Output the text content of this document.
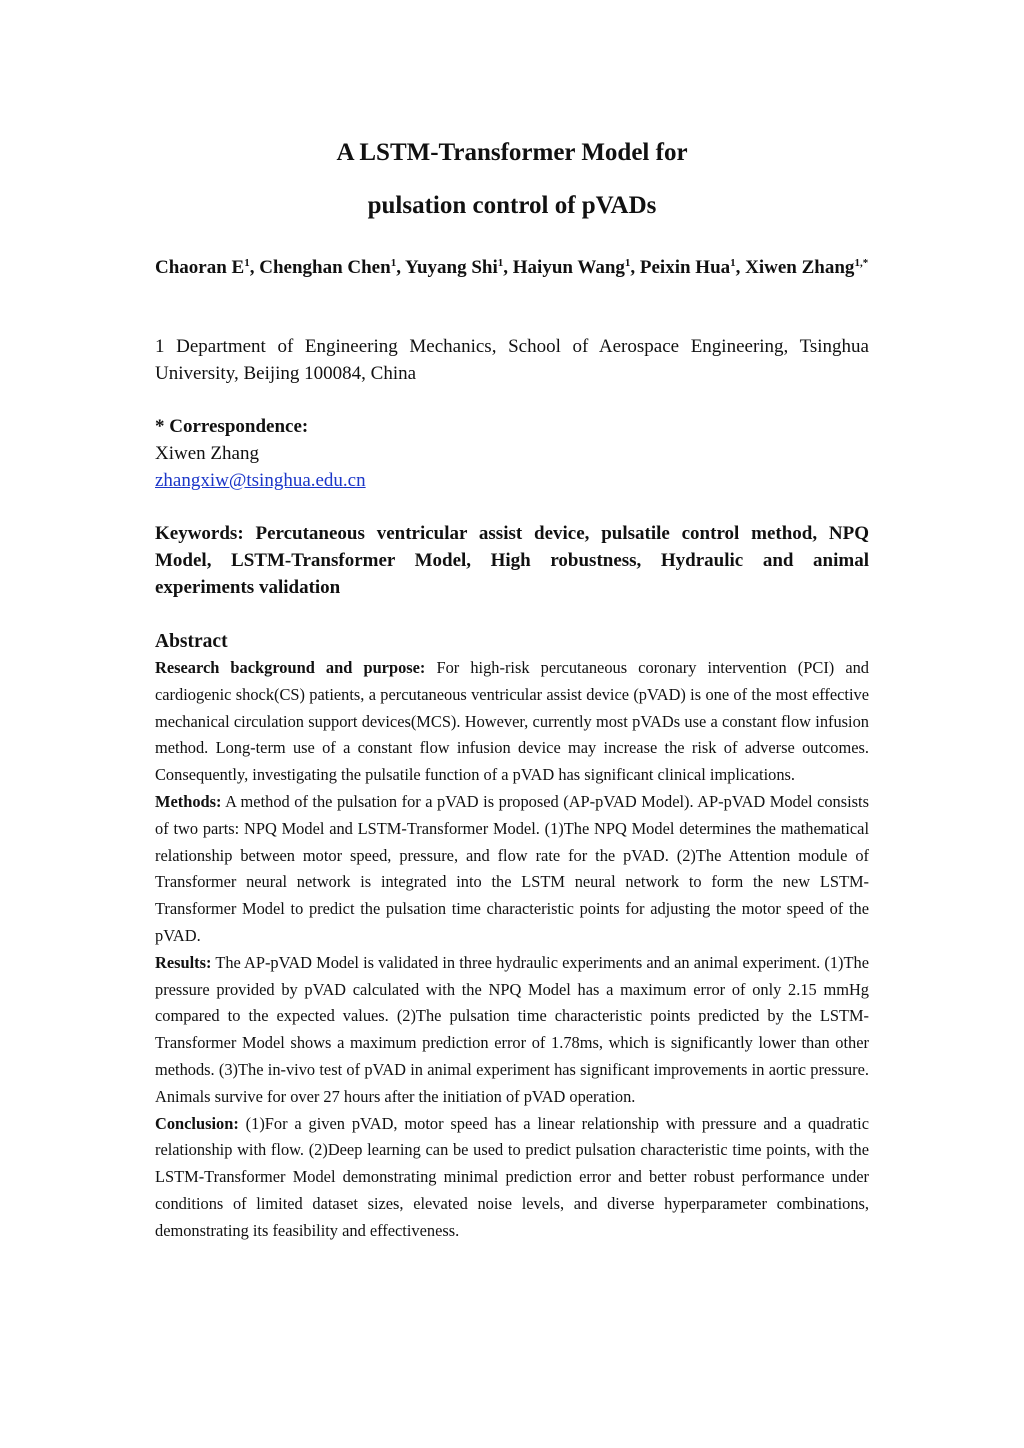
A LSTM-Transformer Model for
pulsation control of pVADs
Chaoran $E^1$, Chenghan Chen$^1$, Yuyang Shi$^1$, Haiyun Wang$^1$, Peixin Hua$^1$, Xiwen Zhang$^{1,*}$
1 Department of Engineering Mechanics, School of Aerospace Engineering, Tsinghua University, Beijing 100084, China
* Correspondence:
Xiwen Zhang
zhangxiw@tsinghua.edu.cn
Keywords: Percutaneous ventricular assist device, pulsatile control method, NPQ Model, LSTM-Transformer Model, High robustness, Hydraulic and animal experiments validation
Abstract

Research background and purpose: For high-risk percutaneous coronary intervention (PCI) and cardiogenic shock(CS) patients, a percutaneous ventricular assist device (pVAD) is one of the most effective mechanical circulation support devices(MCS). However, currently most pVADs use a constant flow infusion method. Long-term use of a constant flow infusion device may increase the risk of adverse outcomes. Consequently, investigating the pulsatile function of a pVAD has significant clinical implications.

Methods: A method of the pulsation for a pVAD is proposed (AP-pVAD Model). AP-pVAD Model consists of two parts: NPQ Model and LSTM-Transformer Model. (1)The NPQ Model determines the mathematical relationship between motor speed, pressure, and flow rate for the pVAD. (2)The Attention module of Transformer neural network is integrated into the LSTM neural network to form the new LSTM-Transformer Model to predict the pulsation time characteristic points for adjusting the motor speed of the pVAD.

Results: The AP-pVAD Model is validated in three hydraulic experiments and an animal experiment. (1)The pressure provided by pVAD calculated with the NPQ Model has a maximum error of only 2.15 mmHg compared to the expected values. (2)The pulsation time characteristic points predicted by the LSTM-Transformer Model shows a maximum prediction error of 1.78ms, which is significantly lower than other methods. (3)The in-vivo test of pVAD in animal experiment has significant improvements in aortic pressure. Animals survive for over 27 hours after the initiation of pVAD operation.

Conclusion: (1)For a given pVAD, motor speed has a linear relationship with pressure and a quadratic relationship with flow. (2)Deep learning can be used to predict pulsation characteristic time points, with the LSTM-Transformer Model demonstrating minimal prediction error and better robust performance under conditions of limited dataset sizes, elevated noise levels, and diverse hyperparameter combinations, demonstrating its feasibility and effectiveness.
